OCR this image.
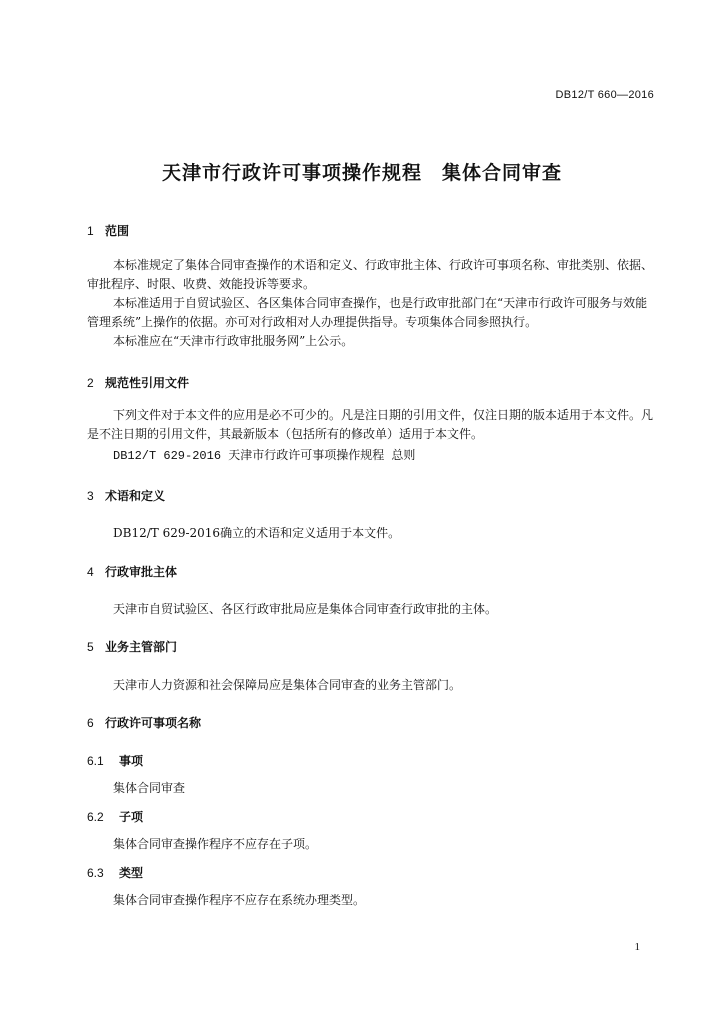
DB12/T 660—2016
天津市行政许可事项操作规程　集体合同审查
1 范围
本标准规定了集体合同审查操作的术语和定义、行政审批主体、行政许可事项名称、审批类别、依据、审批程序、时限、收费、效能投诉等要求。
本标准适用于自贸试验区、各区集体合同审查操作，也是行政审批部门在“天津市行政许可服务与效能管理系统”上操作的依据。亦可对行政相对人办理提供指导。专项集体合同参照执行。
本标准应在“天津市行政审批服务网”上公示。
2 规范性引用文件
下列文件对于本文件的应用是必不可少的。凡是注日期的引用文件，仅注日期的版本适用于本文件。凡是不注日期的引用文件，其最新版本（包括所有的修改单）适用于本文件。
DB12/T 629-2016 天津市行政许可事项操作规程 总则
3 术语和定义
DB12/T 629-2016确立的术语和定义适用于本文件。
4 行政审批主体
天津市自贸试验区、各区行政审批局应是集体合同审查行政审批的主体。
5 业务主管部门
天津市人力资源和社会保障局应是集体合同审查的业务主管部门。
6 行政许可事项名称
6.1 事项
集体合同审查
6.2 子项
集体合同审查操作程序不应存在子项。
6.3 类型
集体合同审查操作程序不应存在系统办理类型。
1
